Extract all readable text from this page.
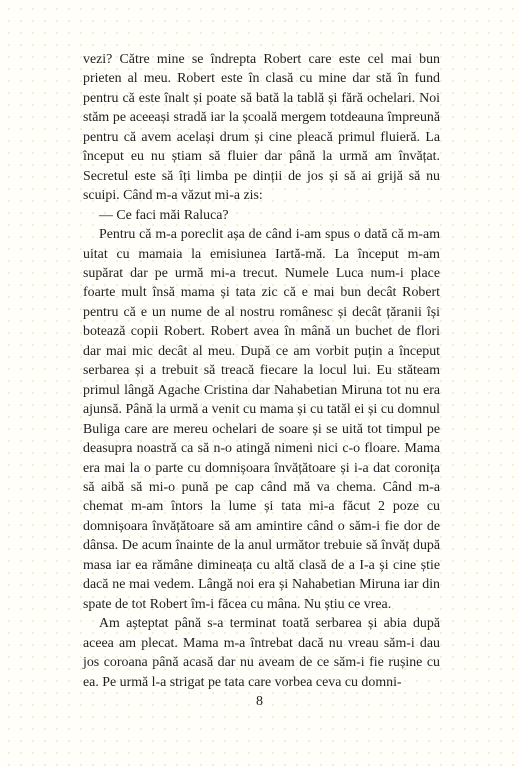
vezi? Către mine se îndrepta Robert care este cel mai bun prieten al meu. Robert este în clasă cu mine dar stă în fund pentru că este înalt și poate să bată la tablă și fără ochelari. Noi stăm pe aceeași stradă iar la școală mergem totdeauna împreună pentru că avem același drum și cine pleacă primul fluieră. La început eu nu știam să fluier dar până la urmă am învățat. Secretul este să îți limba pe dinții de jos și să ai grijă să nu scuipi. Când m-a văzut mi-a zis:

— Ce faci măi Raluca?

Pentru că m-a poreclit așa de când i-am spus o dată că m-am uitat cu mamaia la emisiunea Iartă-mă. La început m-am supărat dar pe urmă mi-a trecut. Numele Luca num-i place foarte mult însă mama și tata zic că e mai bun decât Robert pentru că e un nume de al nostru românesc și decât țăranii își botează copii Robert. Robert avea în mână un buchet de flori dar mai mic decât al meu. După ce am vorbit puțin a început serbarea și a trebuit să treacă fiecare la locul lui. Eu stăteam primul lângă Agache Cristina dar Nahabetian Miruna tot nu era ajunsă. Până la urmă a venit cu mama și cu tatăl ei și cu domnul Buliga care are mereu ochelari de soare și se uită tot timpul pe deasupra noastră ca să n-o atingă nimeni nici c-o floare. Mama era mai la o parte cu domnișoara învățătoare și i-a dat coronița să aibă să mi-o pună pe cap când mă va chema. Când m-a chemat m-am întors la lume și tata mi-a făcut 2 poze cu domnișoara învățătoare să am amintire când o săm-i fie dor de dânsa. De acum înainte de la anul următor trebuie să învăț după masa iar ea rămâne dimineața cu altă clasă de a I-a și cine știe dacă ne mai vedem. Lângă noi era și Nahabetian Miruna iar din spate de tot Robert îm-i făcea cu mâna. Nu știu ce vrea.

Am așteptat până s-a terminat toată serbarea și abia după aceea am plecat. Mama m-a întrebat dacă nu vreau săm-i dau jos coroana până acasă dar nu aveam de ce săm-i fie rușine cu ea. Pe urmă l-a strigat pe tata care vorbea ceva cu domni-

8
